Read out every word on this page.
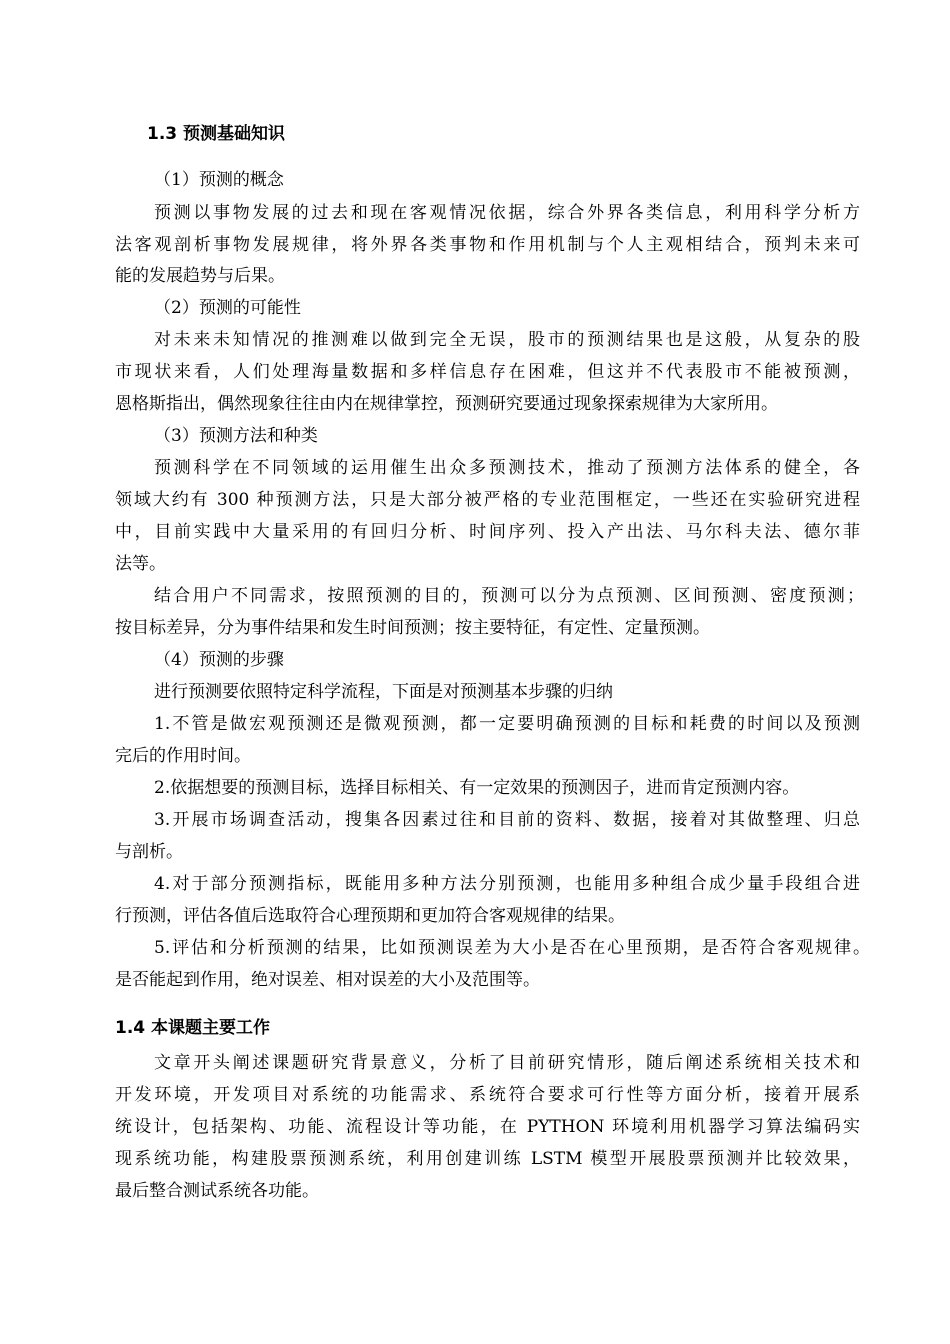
1.3 预测基础知识
（1）预测的概念
预测以事物发展的过去和现在客观情况依据，综合外界各类信息，利用科学分析方
法客观剖析事物发展规律，将外界各类事物和作用机制与个人主观相结合，预判未来可
能的发展趋势与后果。
（2）预测的可能性
对未来未知情况的推测难以做到完全无误，股市的预测结果也是这般，从复杂的股
市现状来看，人们处理海量数据和多样信息存在困难，但这并不代表股市不能被预测，
恩格斯指出，偶然现象往往由内在规律掌控，预测研究要通过现象探索规律为大家所用。
（3）预测方法和种类
预测科学在不同领域的运用催生出众多预测技术，推动了预测方法体系的健全，各
领域大约有 300 种预测方法，只是大部分被严格的专业范围框定，一些还在实验研究进程
中，目前实践中大量采用的有回归分析、时间序列、投入产出法、马尔科夫法、德尔菲
法等。
结合用户不同需求，按照预测的目的，预测可以分为点预测、区间预测、密度预测；
按目标差异，分为事件结果和发生时间预测；按主要特征，有定性、定量预测。
（4）预测的步骤
进行预测要依照特定科学流程，下面是对预测基本步骤的归纳
1.不管是做宏观预测还是微观预测，都一定要明确预测的目标和耗费的时间以及预测
完后的作用时间。
2.依据想要的预测目标，选择目标相关、有一定效果的预测因子，进而肯定预测内容。
3.开展市场调查活动，搜集各因素过往和目前的资料、数据，接着对其做整理、归总
与剖析。
4.对于部分预测指标，既能用多种方法分别预测，也能用多种组合成少量手段组合进
行预测，评估各值后选取符合心理预期和更加符合客观规律的结果。
5.评估和分析预测的结果，比如预测误差为大小是否在心里预期，是否符合客观规律。
是否能起到作用，绝对误差、相对误差的大小及范围等。
1.4 本课题主要工作
文章开头阐述课题研究背景意义，分析了目前研究情形，随后阐述系统相关技术和
开发环境，开发项目对系统的功能需求、系统符合要求可行性等方面分析，接着开展系
统设计，包括架构、功能、流程设计等功能，在 PYTHON 环境利用机器学习算法编码实
现系统功能，构建股票预测系统，利用创建训练 LSTM 模型开展股票预测并比较效果，
最后整合测试系统各功能。
